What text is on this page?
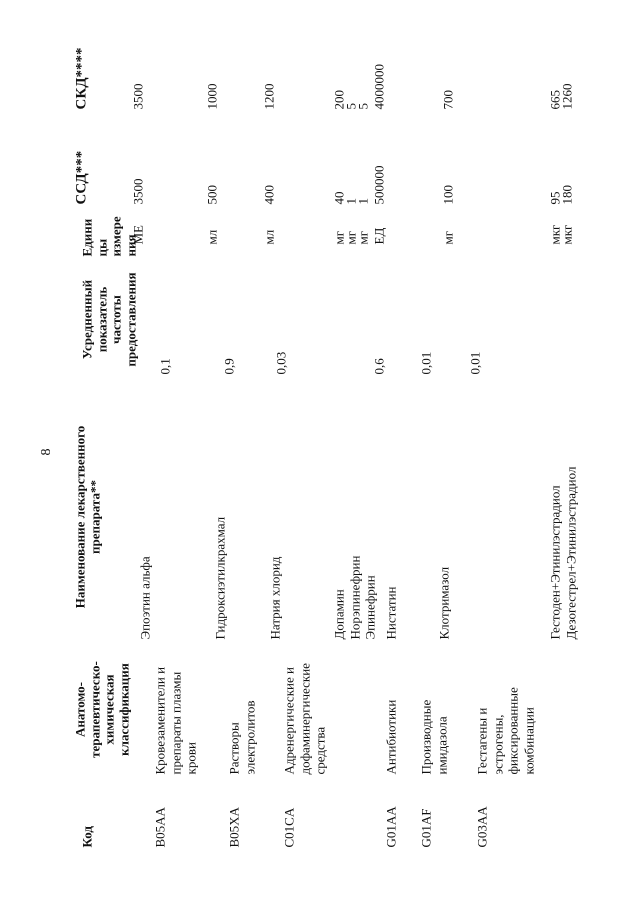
8
Код
Анатомо- терапевтическо- химическая классификация
Наименование лекарственного препарата**
Усредненный показатель частоты предоставления
Едини цы измере ния
ССД***
СКД****
B05AA
Кровезаменители и препараты плазмы крови
Эпоэтин альфа
0,1
МЕ
3500
3500
B05XA
Растворы электролитов
Гидроксиэтилкрахмал
0,9
мл
500
1000
C01CA
Адренергические и дофаминергические средства
Натрия хлорид
0,03
мл
400
1200
Допамин Норэпинефрин Эпинефрин
мг
мг
мг
40
1
1
200
5
5
G01AA
Антибиотики
Нистатин
0,6
ЕД
500000
4000000
G01AF
Производные имидазола
Клотримазол
0,01
мг
100
700
G03AA
Гестагены и эстрогены, фиксированные комбинации
Гестоден+Этинилэстрадиол Дезогестрел+Этинилэстрадиол
0,01
мкг
мкг
95
180
665
1260
